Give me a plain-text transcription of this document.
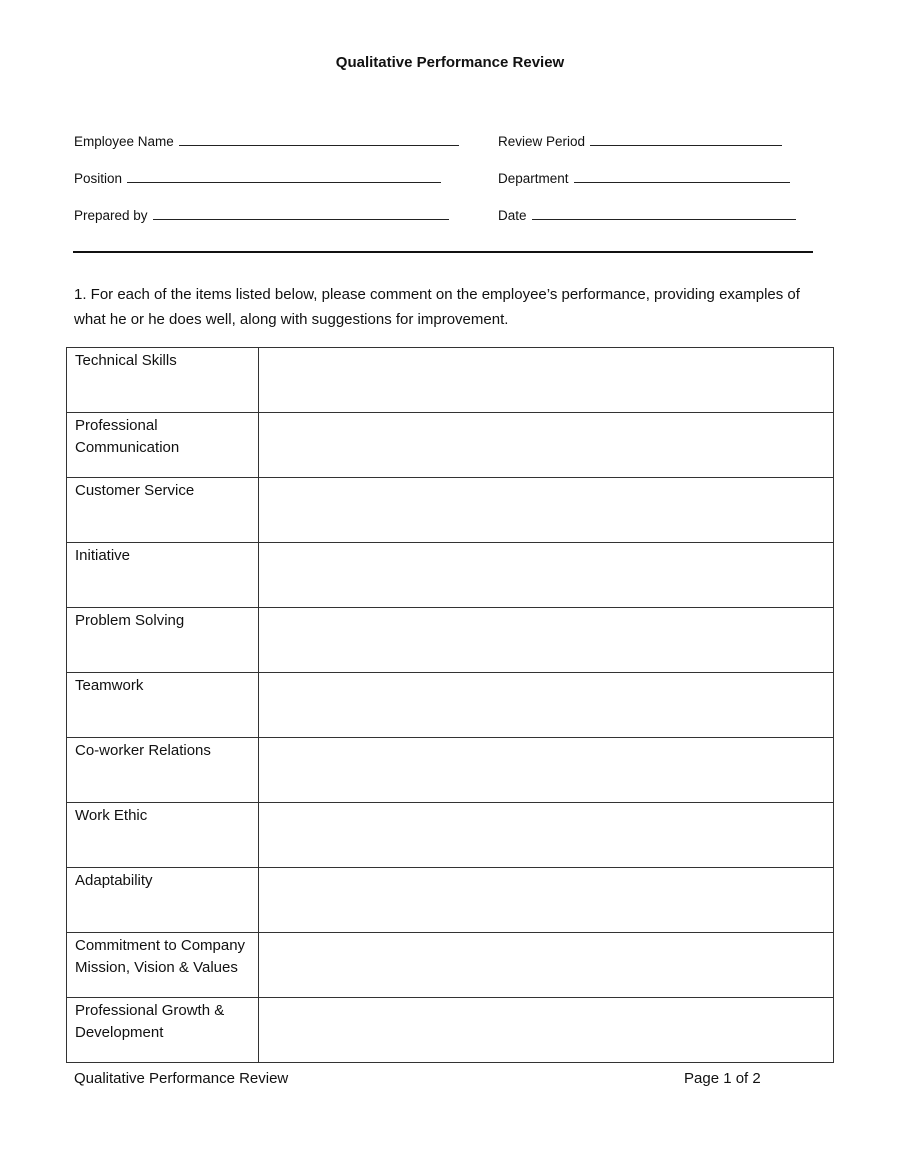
Qualitative Performance Review
Employee Name	Review Period
Position	Department
Prepared by	Date
1. For each of the items listed below, please comment on the employee’s performance, providing examples of what he or he does well, along with suggestions for improvement.
Technical Skills	
Professional Communication	
Customer Service	
Initiative	
Problem Solving	
Teamwork	
Co-worker Relations	
Work Ethic	
Adaptability	
Commitment to Company Mission, Vision & Values	
Professional Growth & Development	
Qualitative Performance Review	Page 1 of 2
